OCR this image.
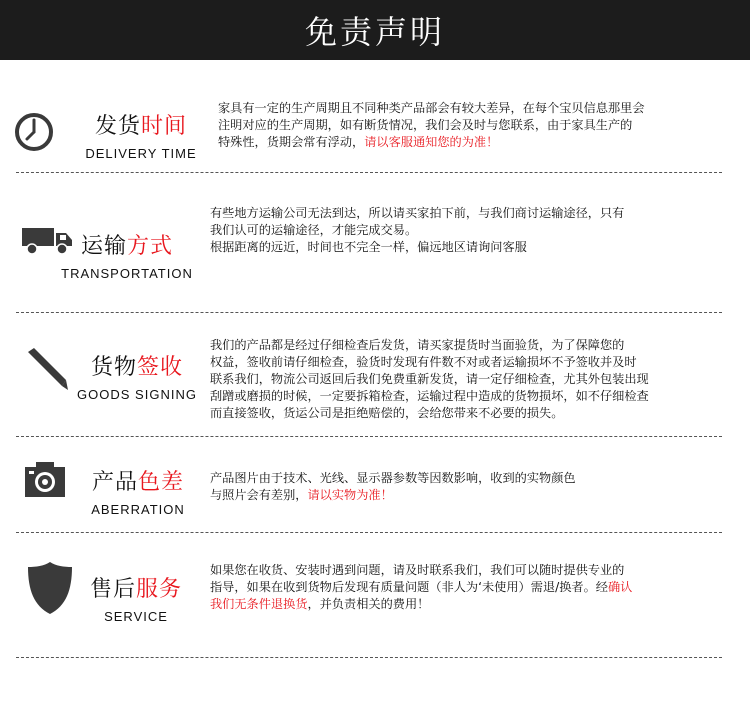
免责声明
发货时间
DELIVERY TIME
家具有一定的生产周期且不同种类产品部会有较大差异，在每个宝贝信息那里会
注明对应的生产周期，如有断货情况，我们会及时与您联系，由于家具生产的
特殊性，货期会常有浮动，请以客服通知您的为准！
运输方式
TRANSPORTATION
有些地方运输公司无法到达，所以请买家拍下前，与我们商讨运输途径，只有
我们认可的运输途径，才能完成交易。
根据距离的远近，时间也不完全一样，偏远地区请询问客服
货物签收
GOODS SIGNING
我们的产品都是经过仔细检查后发货，请买家提货时当面验货，为了保障您的
权益，签收前请仔细检查，验货时发现有件数不对或者运输损坏不予签收并及时
联系我们，物流公司返回后我们免费重新发货，请一定仔细检查，尤其外包装出现
刮蹭或磨损的时候，一定要拆箱检查，运输过程中造成的货物损坏，如不仔细检查
而直接签收，货运公司是拒绝赔偿的，会给您带来不必要的损失。
产品色差
ABERRATION
产品图片由于技术、光线、显示器参数等因数影响，收到的实物颜色
与照片会有差别，请以实物为准！
售后服务
SERVICE
如果您在收货、安装时遇到问题，请及时联系我们，我们可以随时提供专业的
指导，如果在收到货物后发现有质量问题（非人为‘未使用）需退/换者。经确认
我们无条件退换货，并负责相关的费用！
